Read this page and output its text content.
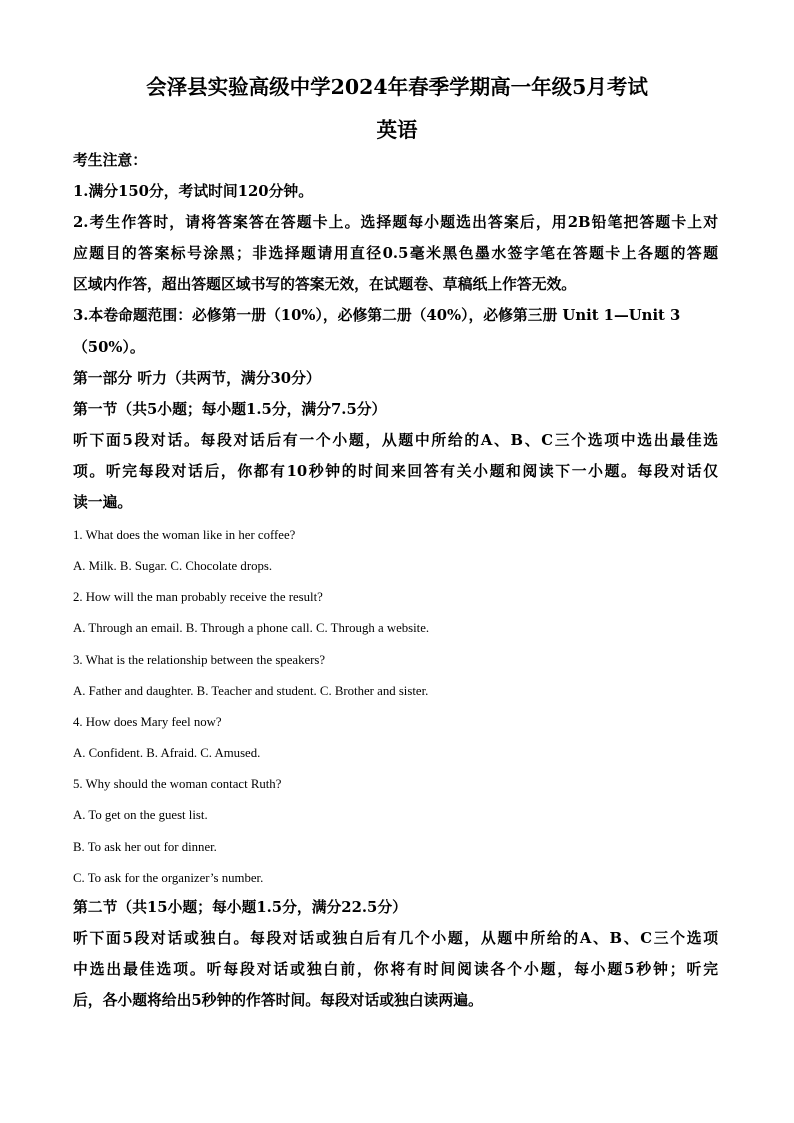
会泽县实验高级中学2024年春季学期高一年级5月考试
英语
考生注意：
1.满分150分，考试时间120分钟。
2.考生作答时，请将答案答在答题卡上。选择题每小题选出答案后，用2B铅笔把答题卡上对
应题目的答案标号涂黑；非选择题请用直径0.5毫米黑色墨水签字笔在答题卡上各题的答题
区域内作答，超出答题区域书写的答案无效，在试题卷、草稿纸上作答无效。
3.本卷命题范围：必修第一册（10%），必修第二册（40%），必修第三册 Unit 1—Unit 3
（50%）。
第一部分 听力（共两节，满分30分）
第一节（共5小题；每小题1.5分，满分7.5分）
听下面5段对话。每段对话后有一个小题，从题中所给的A、B、C三个选项中选出最佳选
项。听完每段对话后，你都有10秒钟的时间来回答有关小题和阅读下一小题。每段对话仅
读一遍。
1. What does the woman like in her coffee?
A. Milk. B. Sugar. C. Chocolate drops.
2. How will the man probably receive the result?
A. Through an email. B. Through a phone call. C. Through a website.
3. What is the relationship between the speakers?
A. Father and daughter. B. Teacher and student. C. Brother and sister.
4. How does Mary feel now?
A. Confident. B. Afraid. C. Amused.
5. Why should the woman contact Ruth?
A. To get on the guest list.
B. To ask her out for dinner.
C. To ask for the organizer’s number.
第二节（共15小题；每小题1.5分，满分22.5分）
听下面5段对话或独白。每段对话或独白后有几个小题，从题中所给的A、B、C三个选项
中选出最佳选项。听每段对话或独白前，你将有时间阅读各个小题，每小题5秒钟；听完
后，各小题将给出5秒钟的作答时间。每段对话或独白读两遍。
